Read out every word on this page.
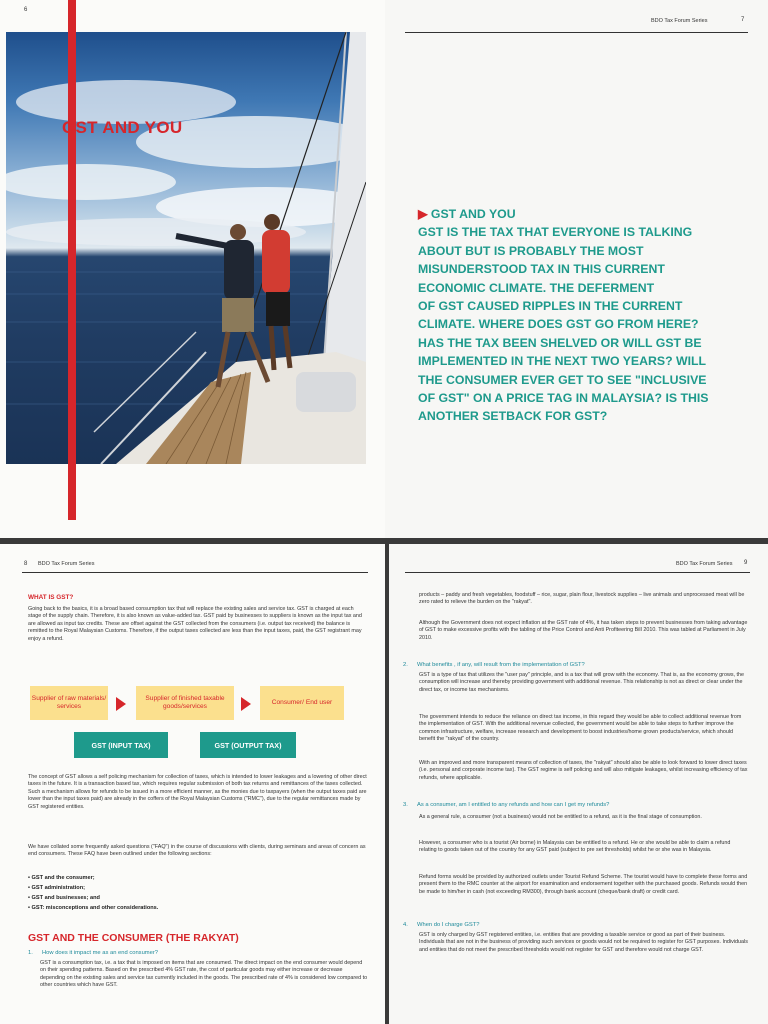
6
GST AND YOU
BDO Tax Forum Series	7
▶ GST AND YOU
GST IS THE TAX THAT EVERYONE IS TALKING
ABOUT BUT IS PROBABLY THE MOST
MISUNDERSTOOD TAX IN THIS CURRENT
ECONOMIC CLIMATE. THE DEFERMENT
OF GST CAUSED RIPPLES IN THE CURRENT
CLIMATE. WHERE DOES GST GO FROM HERE?
HAS THE TAX BEEN SHELVED OR WILL GST BE
IMPLEMENTED IN THE NEXT TWO YEARS? WILL
THE CONSUMER EVER GET TO SEE "INCLUSIVE
OF GST" ON A PRICE TAG IN MALAYSIA? IS THIS
ANOTHER SETBACK FOR GST?
8 BDO Tax Forum Series
WHAT IS GST?
Going back to the basics, it is a broad based consumption tax that will replace the existing sales and service tax. GST is charged at each stage of the supply chain. Therefore, it is also known as value-added tax. GST paid by businesses to suppliers is known as the input tax and are allowed as input tax credits. These are offset against the GST collected from the consumers (i.e. output tax received) the balance is remitted to the Royal Malaysian Customs. Therefore, if the output taxes collected are less than the input taxes, paid, the GST registrant may enjoy a refund.
Supplier of raw materials/ services
Supplier of finished taxable goods/services
Consumer/ End user
GST (INPUT TAX)	GST (OUTPUT TAX)
The concept of GST allows a self policing mechanism for collection of taxes, which is intended to lower leakages and a lowering of other direct taxes in the future. It is a transaction based tax, which requires regular submission of both tax returns and remittances of the taxes collected. Such a mechanism allows for refunds to be issued in a more efficient manner, as the monies due to taxpayers (when the output taxes paid are lower than the input taxes paid) are already in the coffers of the Royal Malaysian Customs ("RMC"), due to the regular remittances made by GST registered entities.
We have collated some frequently asked questions ("FAQ") in the course of discussions with clients, during seminars and areas of concern as end consumers. These FAQ have been outlined under the following sections:
• GST and the consumer;
• GST administration;
• GST and businesses; and
• GST: misconceptions and other considerations.
GST AND THE CONSUMER (THE RAKYAT)
1. How does it impact me as an end consumer?
GST is a consumption tax, i.e. a tax that is imposed on items that are consumed. The direct impact on the end consumer would depend on their spending patterns. Based on the prescribed 4% GST rate, the cost of particular goods may either increase or decrease depending on the existing sales and service tax currently included in the goods. The prescribed rate of 4% is considered low compared to other countries which have GST.
BDO Tax Forum Series 9
products – paddy and fresh vegetables, foodstuff – rice, sugar, plain flour, livestock supplies – live animals and unprocessed meat will be zero rated to relieve the burden on the "rakyat".
Although the Government does not expect inflation at the GST rate of 4%, it has taken steps to prevent businesses from taking advantage of GST to make excessive profits with the tabling of the Price Control and Anti Profiteering Bill 2010. This was tabled at Parliament in July 2010.
2. What benefits , if any, will result from the implementation of GST?
GST is a type of tax that utilizes the "user pay" principle, and is a tax that will grow with the economy. That is, as the economy grows, the consumption will increase and thereby providing government with additional revenue. This relationship is not as direct or clear under the direct tax, or income tax mechanisms.
The government intends to reduce the reliance on direct tax income, in this regard they would be able to collect additional revenue from the implementation of GST. With the additional revenue collected, the government would be able to take steps to further improve the common infrastructure, welfare, increase research and development to boost industries/home grown products/service, which should benefit the "rakyat" of the country.
With an improved and more transparent means of collection of taxes, the "rakyat" should also be able to look forward to lower direct taxes (i.e. personal and corporate income tax). The GST regime is self policing and will also mitigate leakages, whilst increasing efficiency of tax refunds, where applicable.
3. As a consumer, am I entitled to any refunds and how can I get my refunds?
As a general rule, a consumer (not a business) would not be entitled to a refund, as it is the final stage of consumption.
However, a consumer who is a tourist (Air borne) in Malaysia can be entitled to a refund. He or she would be able to claim a refund relating to goods taken out of the country for any GST paid (subject to pre set thresholds) whilst he or she was in Malaysia.
Refund forms would be provided by authorized outlets under Tourist Refund Scheme. The tourist would have to complete these forms and present them to the RMC counter at the airport for examination and endorsement together with the purchased goods. Refunds would then be made to him/her in cash (not exceeding RM300), through bank account (cheque/bank draft) or credit card.
4. When do I charge GST?
GST is only charged by GST registered entities, i.e. entities that are providing a taxable service or good as part of their business. Individuals that are not in the business of providing such services or goods would not be required to register for GST purposes. Individuals and entities that do not meet the prescribed thresholds would not register for GST and therefore would not charge GST.
